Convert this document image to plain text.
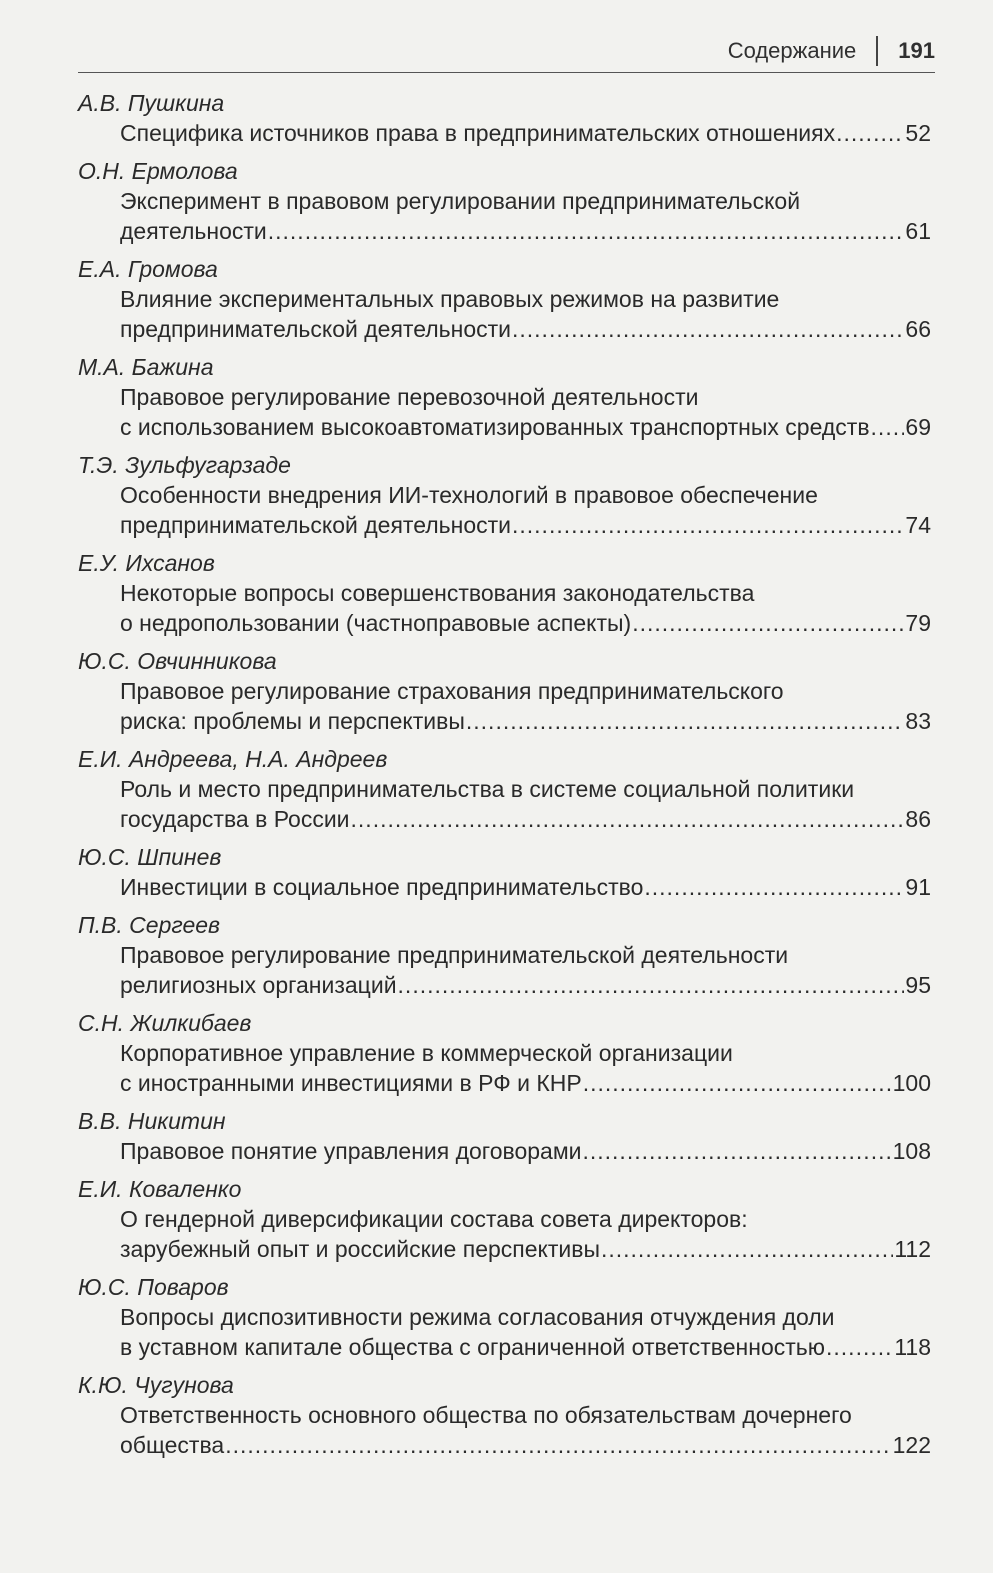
Содержание	191
А.В. Пушкина
Специфика источников права в предпринимательских отношениях .....	52
О.Н. Ермолова
Эксперимент в правовом регулировании предпринимательской
деятельности .....	61
Е.А. Громова
Влияние экспериментальных правовых режимов на развитие
предпринимательской деятельности .....	66
М.А. Бажина
Правовое регулирование перевозочной деятельности
с использованием высокоавтоматизированных транспортных средств ..... 69
Т.Э. Зульфугарзаде
Особенности внедрения ИИ-технологий в правовое обеспечение
предпринимательской деятельности .....	74
Е.У. Ихсанов
Некоторые вопросы совершенствования законодательства
о недропользовании (частноправовые аспекты) .....	79
Ю.С. Овчинникова
Правовое регулирование страхования предпринимательского
риска: проблемы и перспективы .....	83
Е.И. Андреева, Н.А. Андреев
Роль и место предпринимательства в системе социальной политики
государства в России .....	86
Ю.С. Шпинев
Инвестиции в социальное предпринимательство .....	91
П.В. Сергеев
Правовое регулирование предпринимательской деятельности
религиозных организаций .....	95
С.Н. Жилкибаев
Корпоративное управление в коммерческой организации
с иностранными инвестициями в РФ и КНР .....	100
В.В. Никитин
Правовое понятие управления договорами .....	108
Е.И. Коваленко
О гендерной диверсификации состава совета директоров:
зарубежный опыт и российские перспективы .....	112
Ю.С. Поваров
Вопросы диспозитивности режима согласования отчуждения доли
в уставном капитале общества с ограниченной ответственностью .....	118
К.Ю. Чугунова
Ответственность основного общества по обязательствам дочернего
общества .....	122
